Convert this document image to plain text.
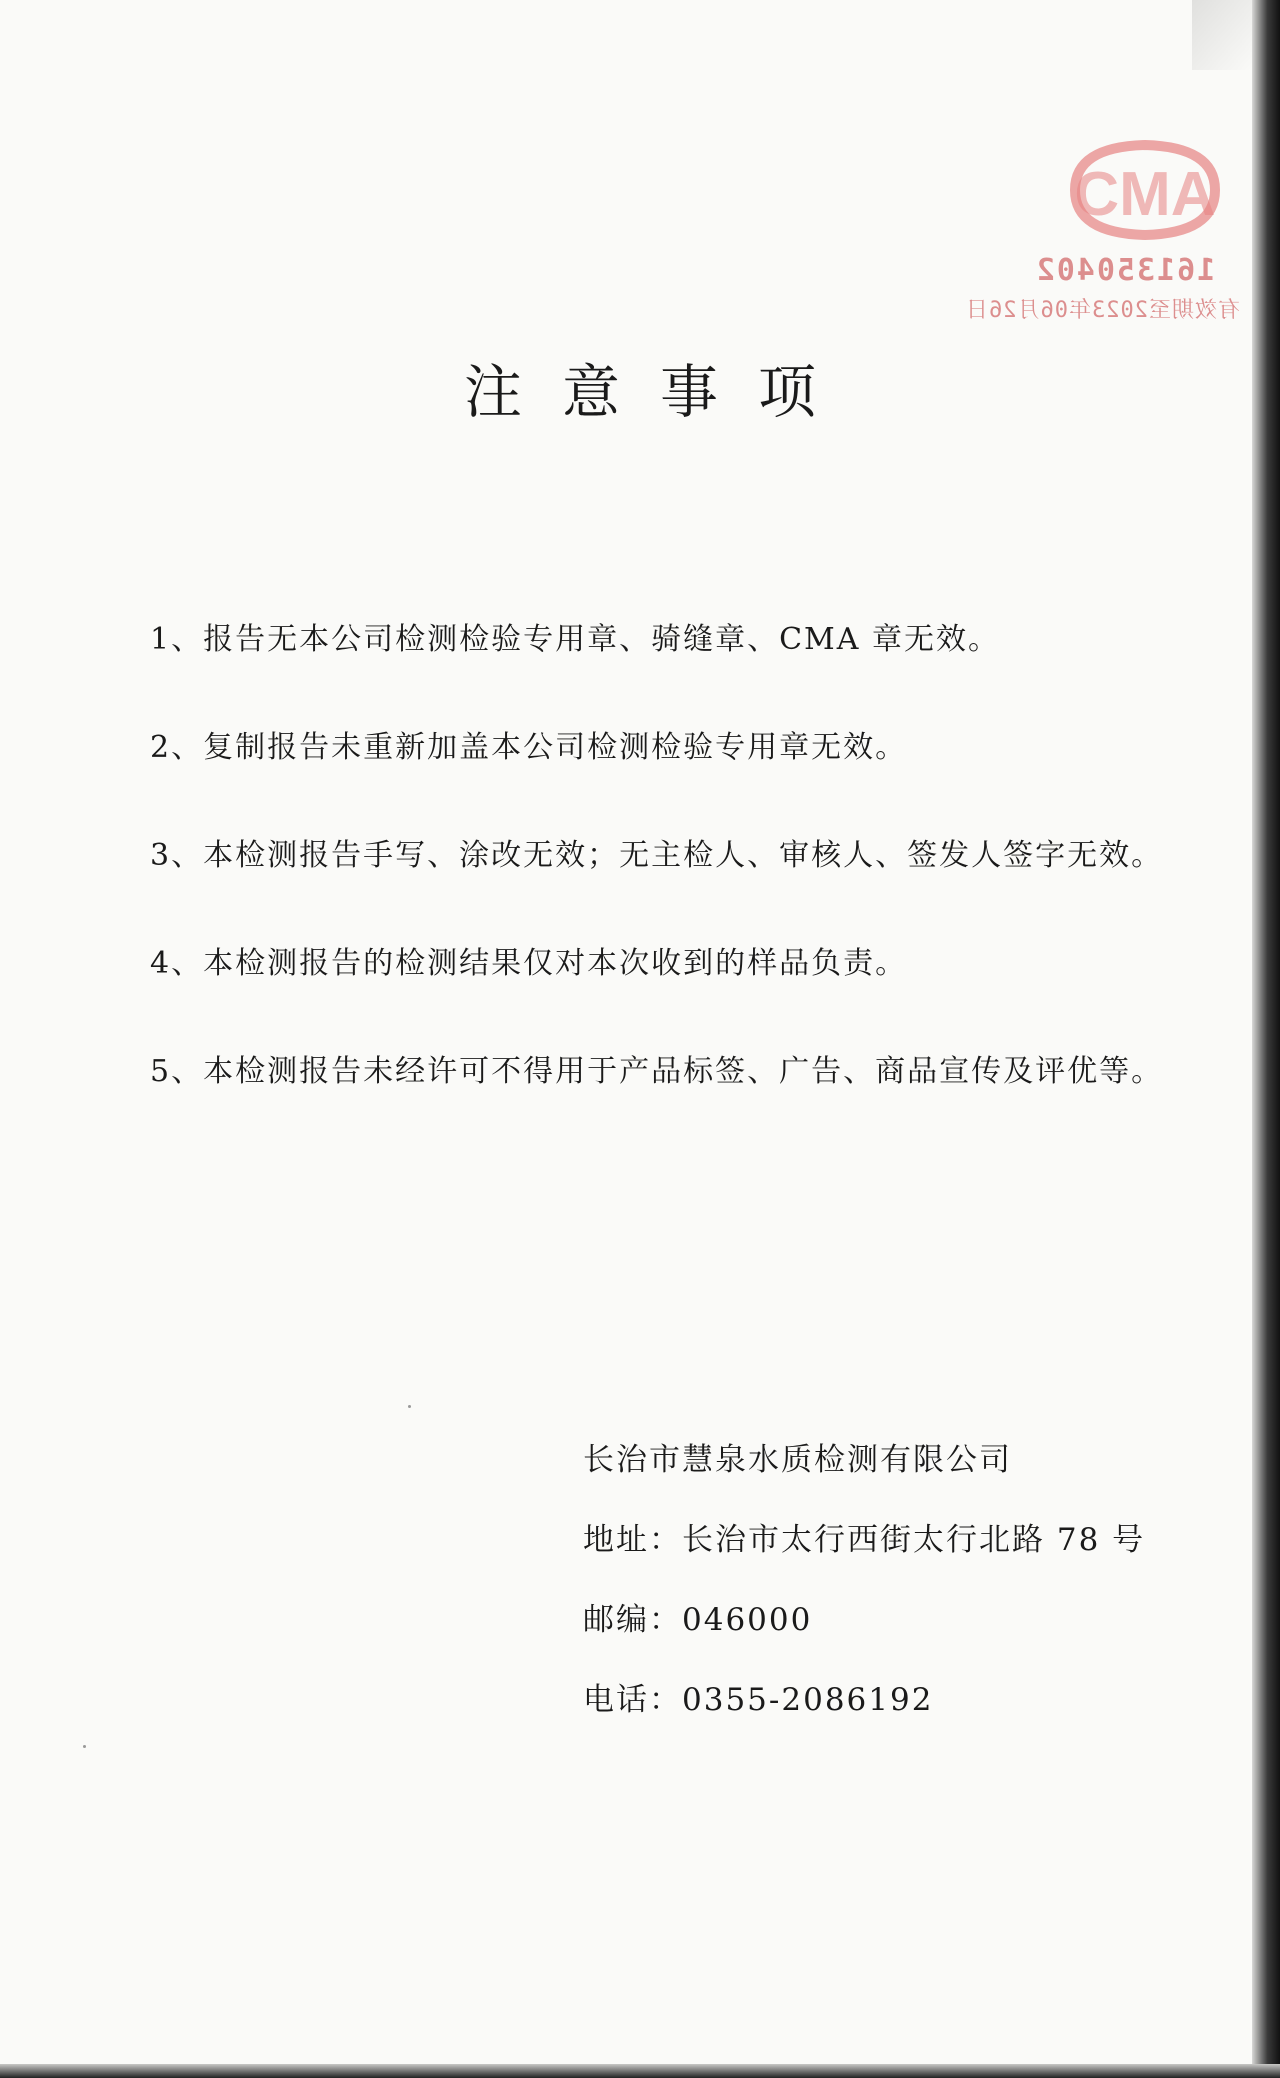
CMA
161350402
有效期至2023年06月26日
注意事项
1、报告无本公司检测检验专用章、骑缝章、CMA 章无效。
2、复制报告未重新加盖本公司检测检验专用章无效。
3、本检测报告手写、涂改无效；无主检人、审核人、签发人签字无效。
4、本检测报告的检测结果仅对本次收到的样品负责。
5、本检测报告未经许可不得用于产品标签、广告、商品宣传及评优等。
长治市慧泉水质检测有限公司
地址：长治市太行西街太行北路 78 号
邮编：046000
电话：0355-2086192
